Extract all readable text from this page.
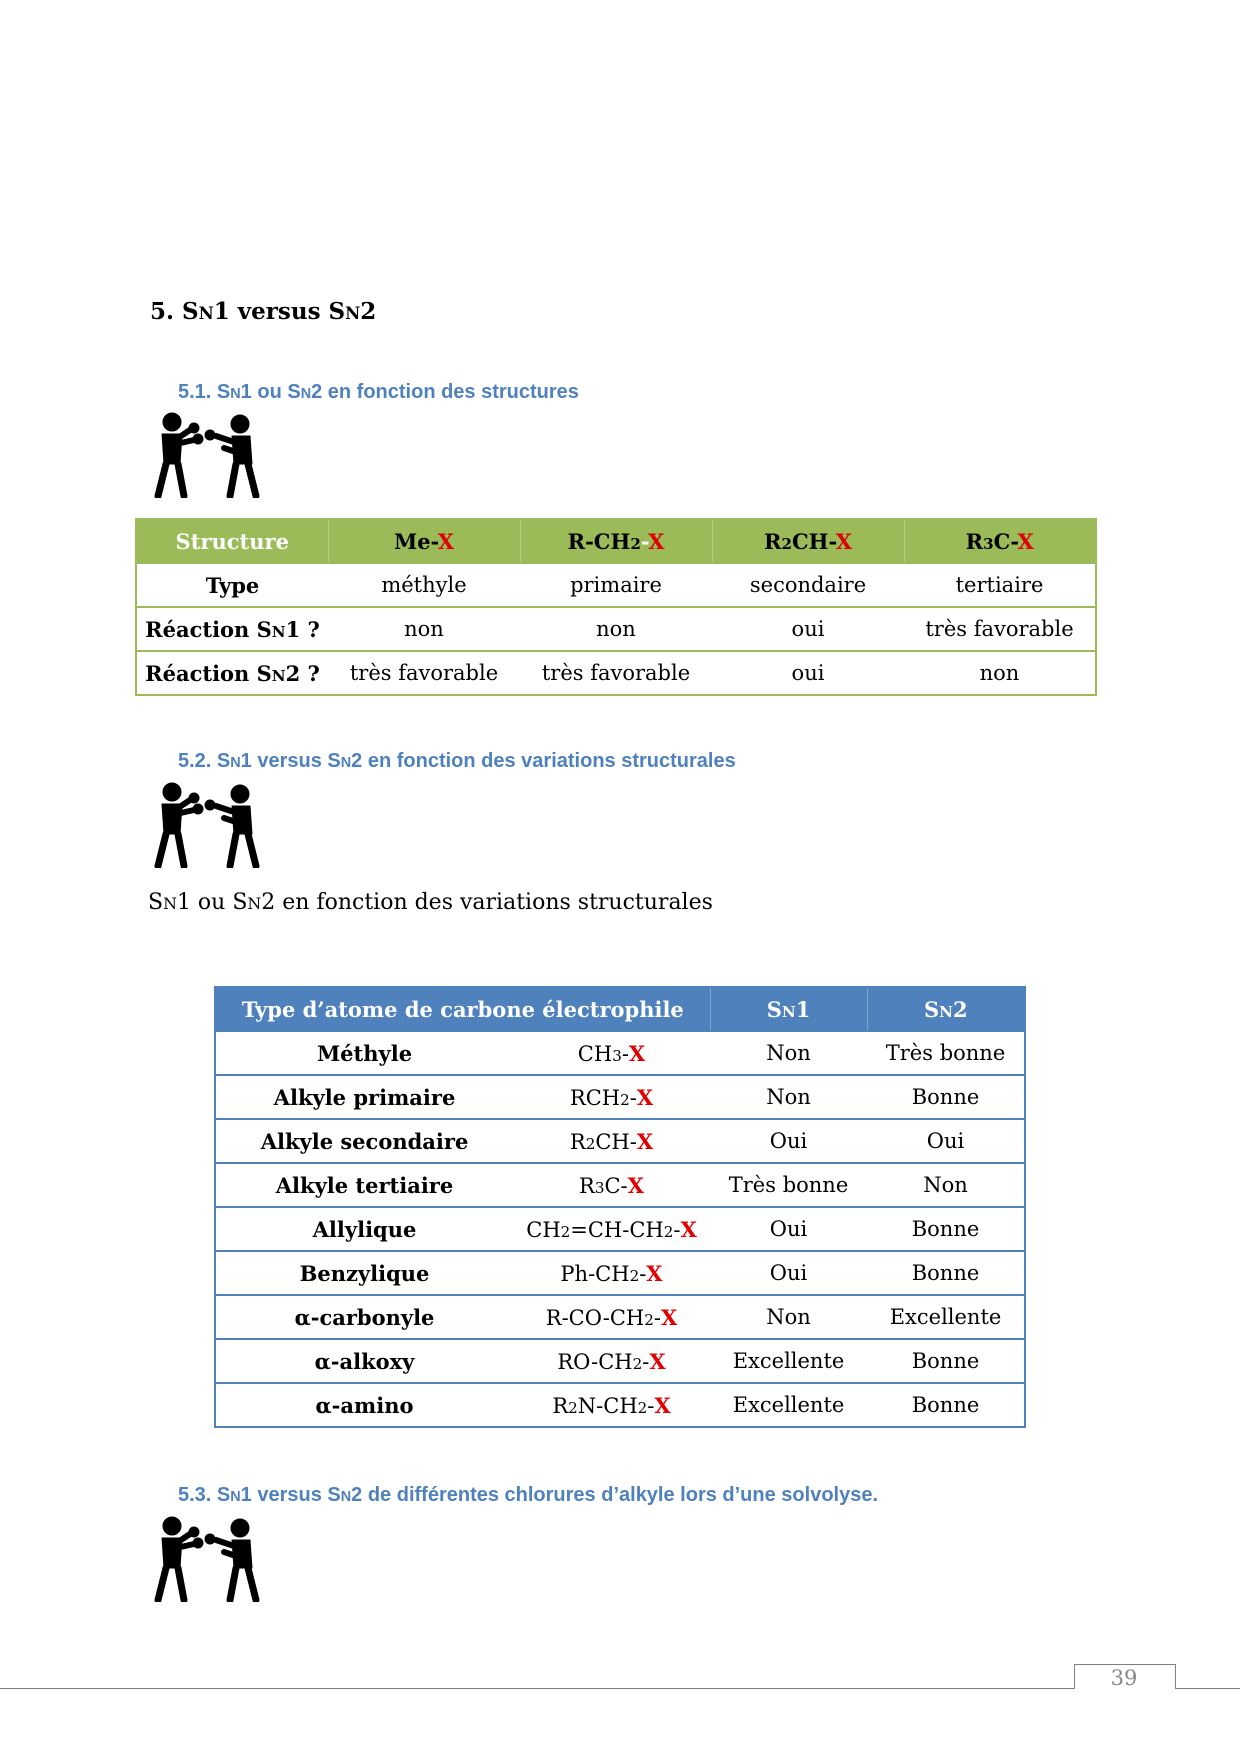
5. SN1 versus SN2
5.1. SN1 ou SN2 en fonction des structures
Structure	Me-X	R-CH2-X	R2CH-X	R3C-X
Type	méthyle	primaire	secondaire	tertiaire
Réaction SN1 ?	non	non	oui	très favorable
Réaction SN2 ?	très favorable	très favorable	oui	non
5.2. SN1 versus SN2 en fonction des variations structurales
SN1 ou SN2 en fonction des variations structurales
Type d’atome de carbone électrophile		SN1	SN2
Méthyle	CH3-X	Non	Très bonne
Alkyle primaire	RCH2-X	Non	Bonne
Alkyle secondaire	R2CH-X	Oui	Oui
Alkyle tertiaire	R3C-X	Très bonne	Non
Allylique	CH2=CH-CH2-X	Oui	Bonne
Benzylique	Ph-CH2-X	Oui	Bonne
α-carbonyle	R-CO-CH2-X	Non	Excellente
α-alkoxy	RO-CH2-X	Excellente	Bonne
α-amino	R2N-CH2-X	Excellente	Bonne
5.3. SN1 versus SN2 de différentes chlorures d’alkyle lors d’une solvolyse.
39
